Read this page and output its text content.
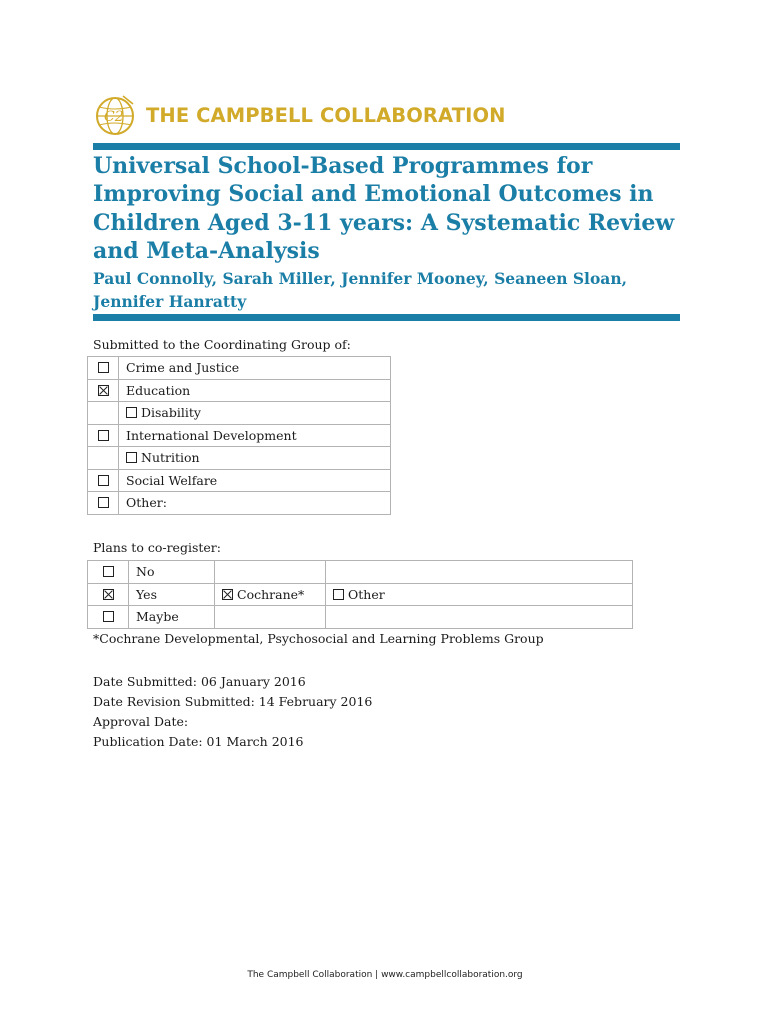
C2 THE CAMPBELL COLLABORATION
Universal School-Based Programmes for Improving Social and Emotional Outcomes in Children Aged 3-11 years: A Systematic Review and Meta-Analysis

Paul Connolly, Sarah Miller, Jennifer Mooney, Seaneen Sloan, Jennifer Hanratty

Submitted to the Coordinating Group of:
	Crime and Justice
	Education
	Disability
	International Development
	Nutrition
	Social Welfare
	Other:
Plans to co-register:
	No		
	Yes	Cochrane*	Other
	Maybe		
*Cochrane Developmental, Psychosocial and Learning Problems Group
Date Submitted: 06 January 2016
Date Revision Submitted: 14 February 2016
Approval Date:
Publication Date: 01 March 2016
The Campbell Collaboration | www.campbellcollaboration.org
